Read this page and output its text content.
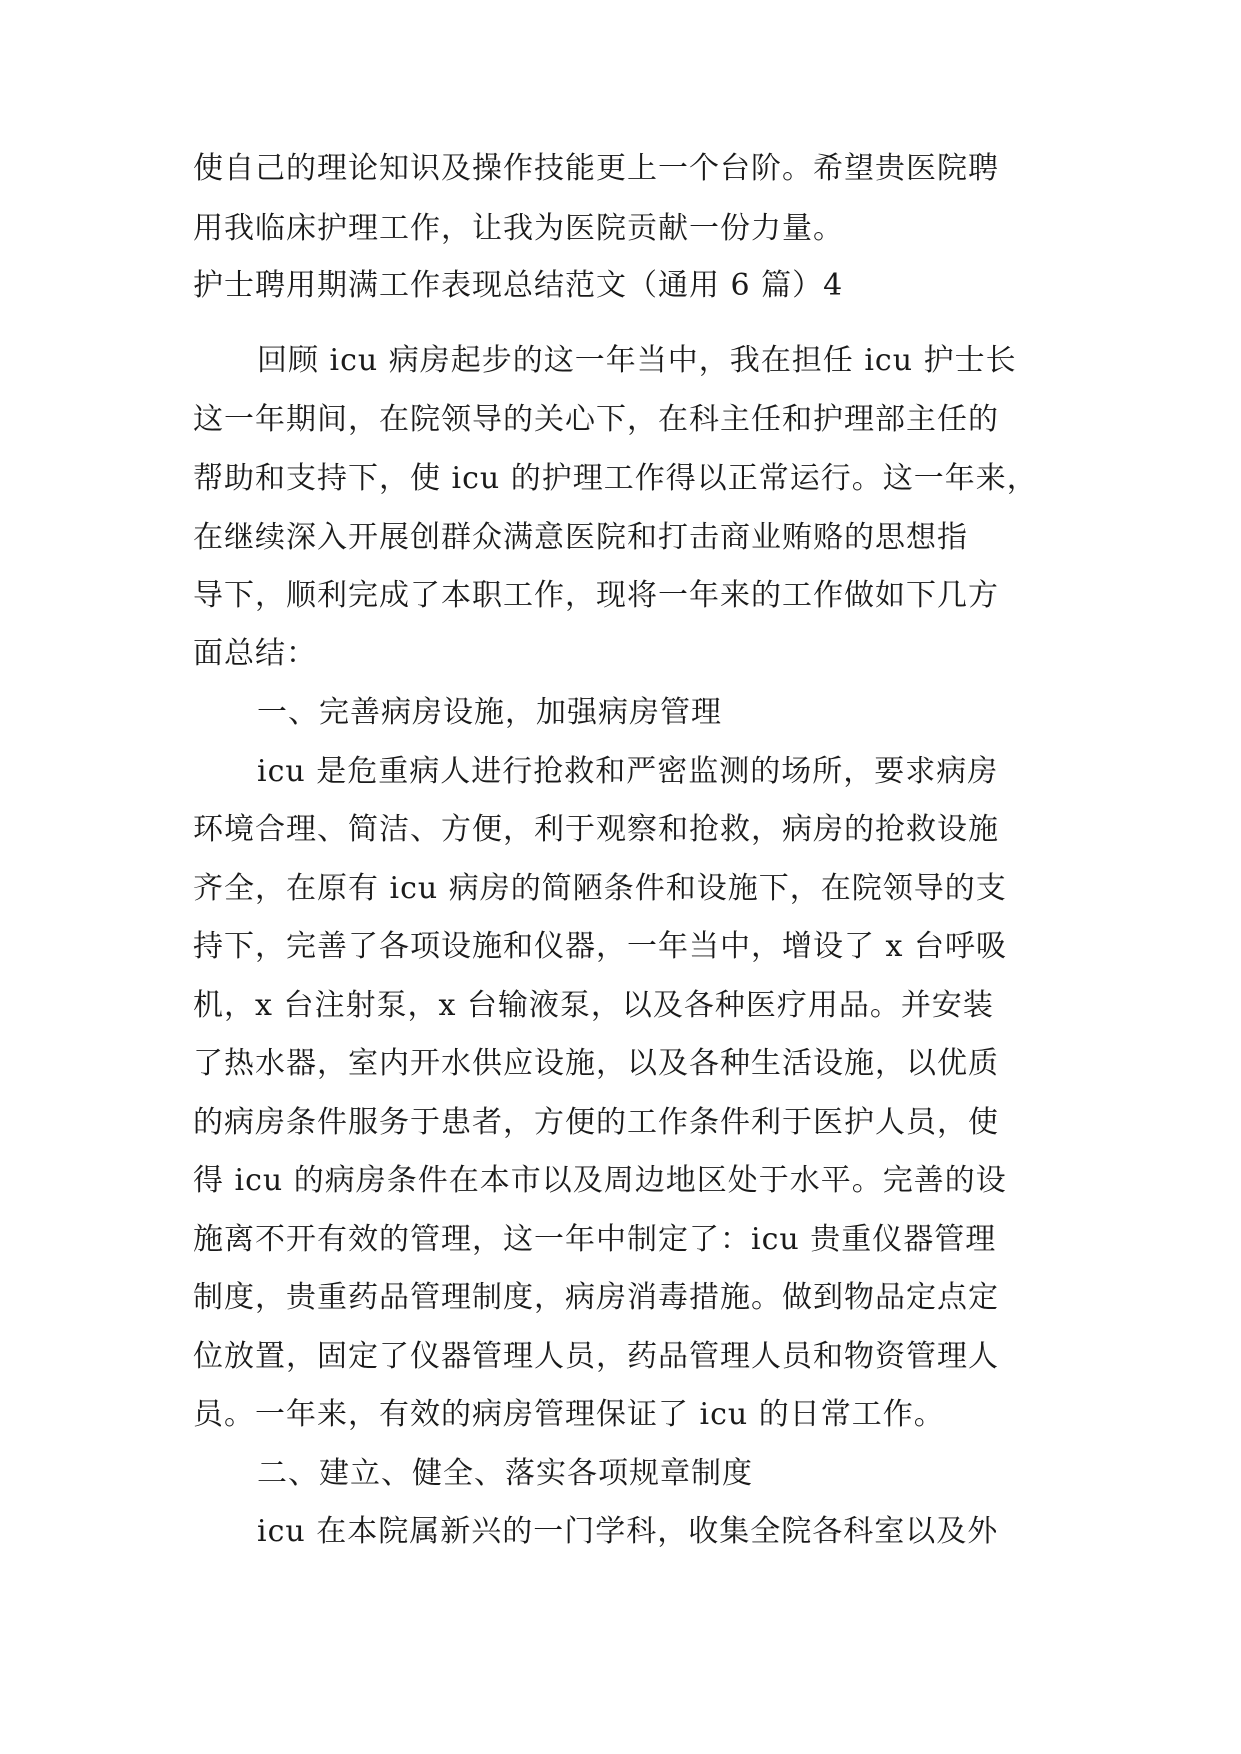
使自己的理论知识及操作技能更上一个台阶。希望贵医院聘
用我临床护理工作，让我为医院贡献一份力量。
护士聘用期满工作表现总结范文（通用 6 篇）4
回顾 icu 病房起步的这一年当中，我在担任 icu 护士长
这一年期间，在院领导的关心下，在科主任和护理部主任的
帮助和支持下，使 icu 的护理工作得以正常运行。这一年来，
在继续深入开展创群众满意医院和打击商业贿赂的思想指
导下，顺利完成了本职工作，现将一年来的工作做如下几方
面总结：
一、完善病房设施，加强病房管理
icu 是危重病人进行抢救和严密监测的场所，要求病房
环境合理、简洁、方便，利于观察和抢救，病房的抢救设施
齐全，在原有 icu 病房的简陋条件和设施下，在院领导的支
持下，完善了各项设施和仪器，一年当中，增设了 x 台呼吸
机，x 台注射泵，x 台输液泵，以及各种医疗用品。并安装
了热水器，室内开水供应设施，以及各种生活设施，以优质
的病房条件服务于患者，方便的工作条件利于医护人员，使
得 icu 的病房条件在本市以及周边地区处于水平。完善的设
施离不开有效的管理，这一年中制定了：icu 贵重仪器管理
制度，贵重药品管理制度，病房消毒措施。做到物品定点定
位放置，固定了仪器管理人员，药品管理人员和物资管理人
员。一年来，有效的病房管理保证了 icu 的日常工作。
二、建立、健全、落实各项规章制度
icu 在本院属新兴的一门学科，收集全院各科室以及外
